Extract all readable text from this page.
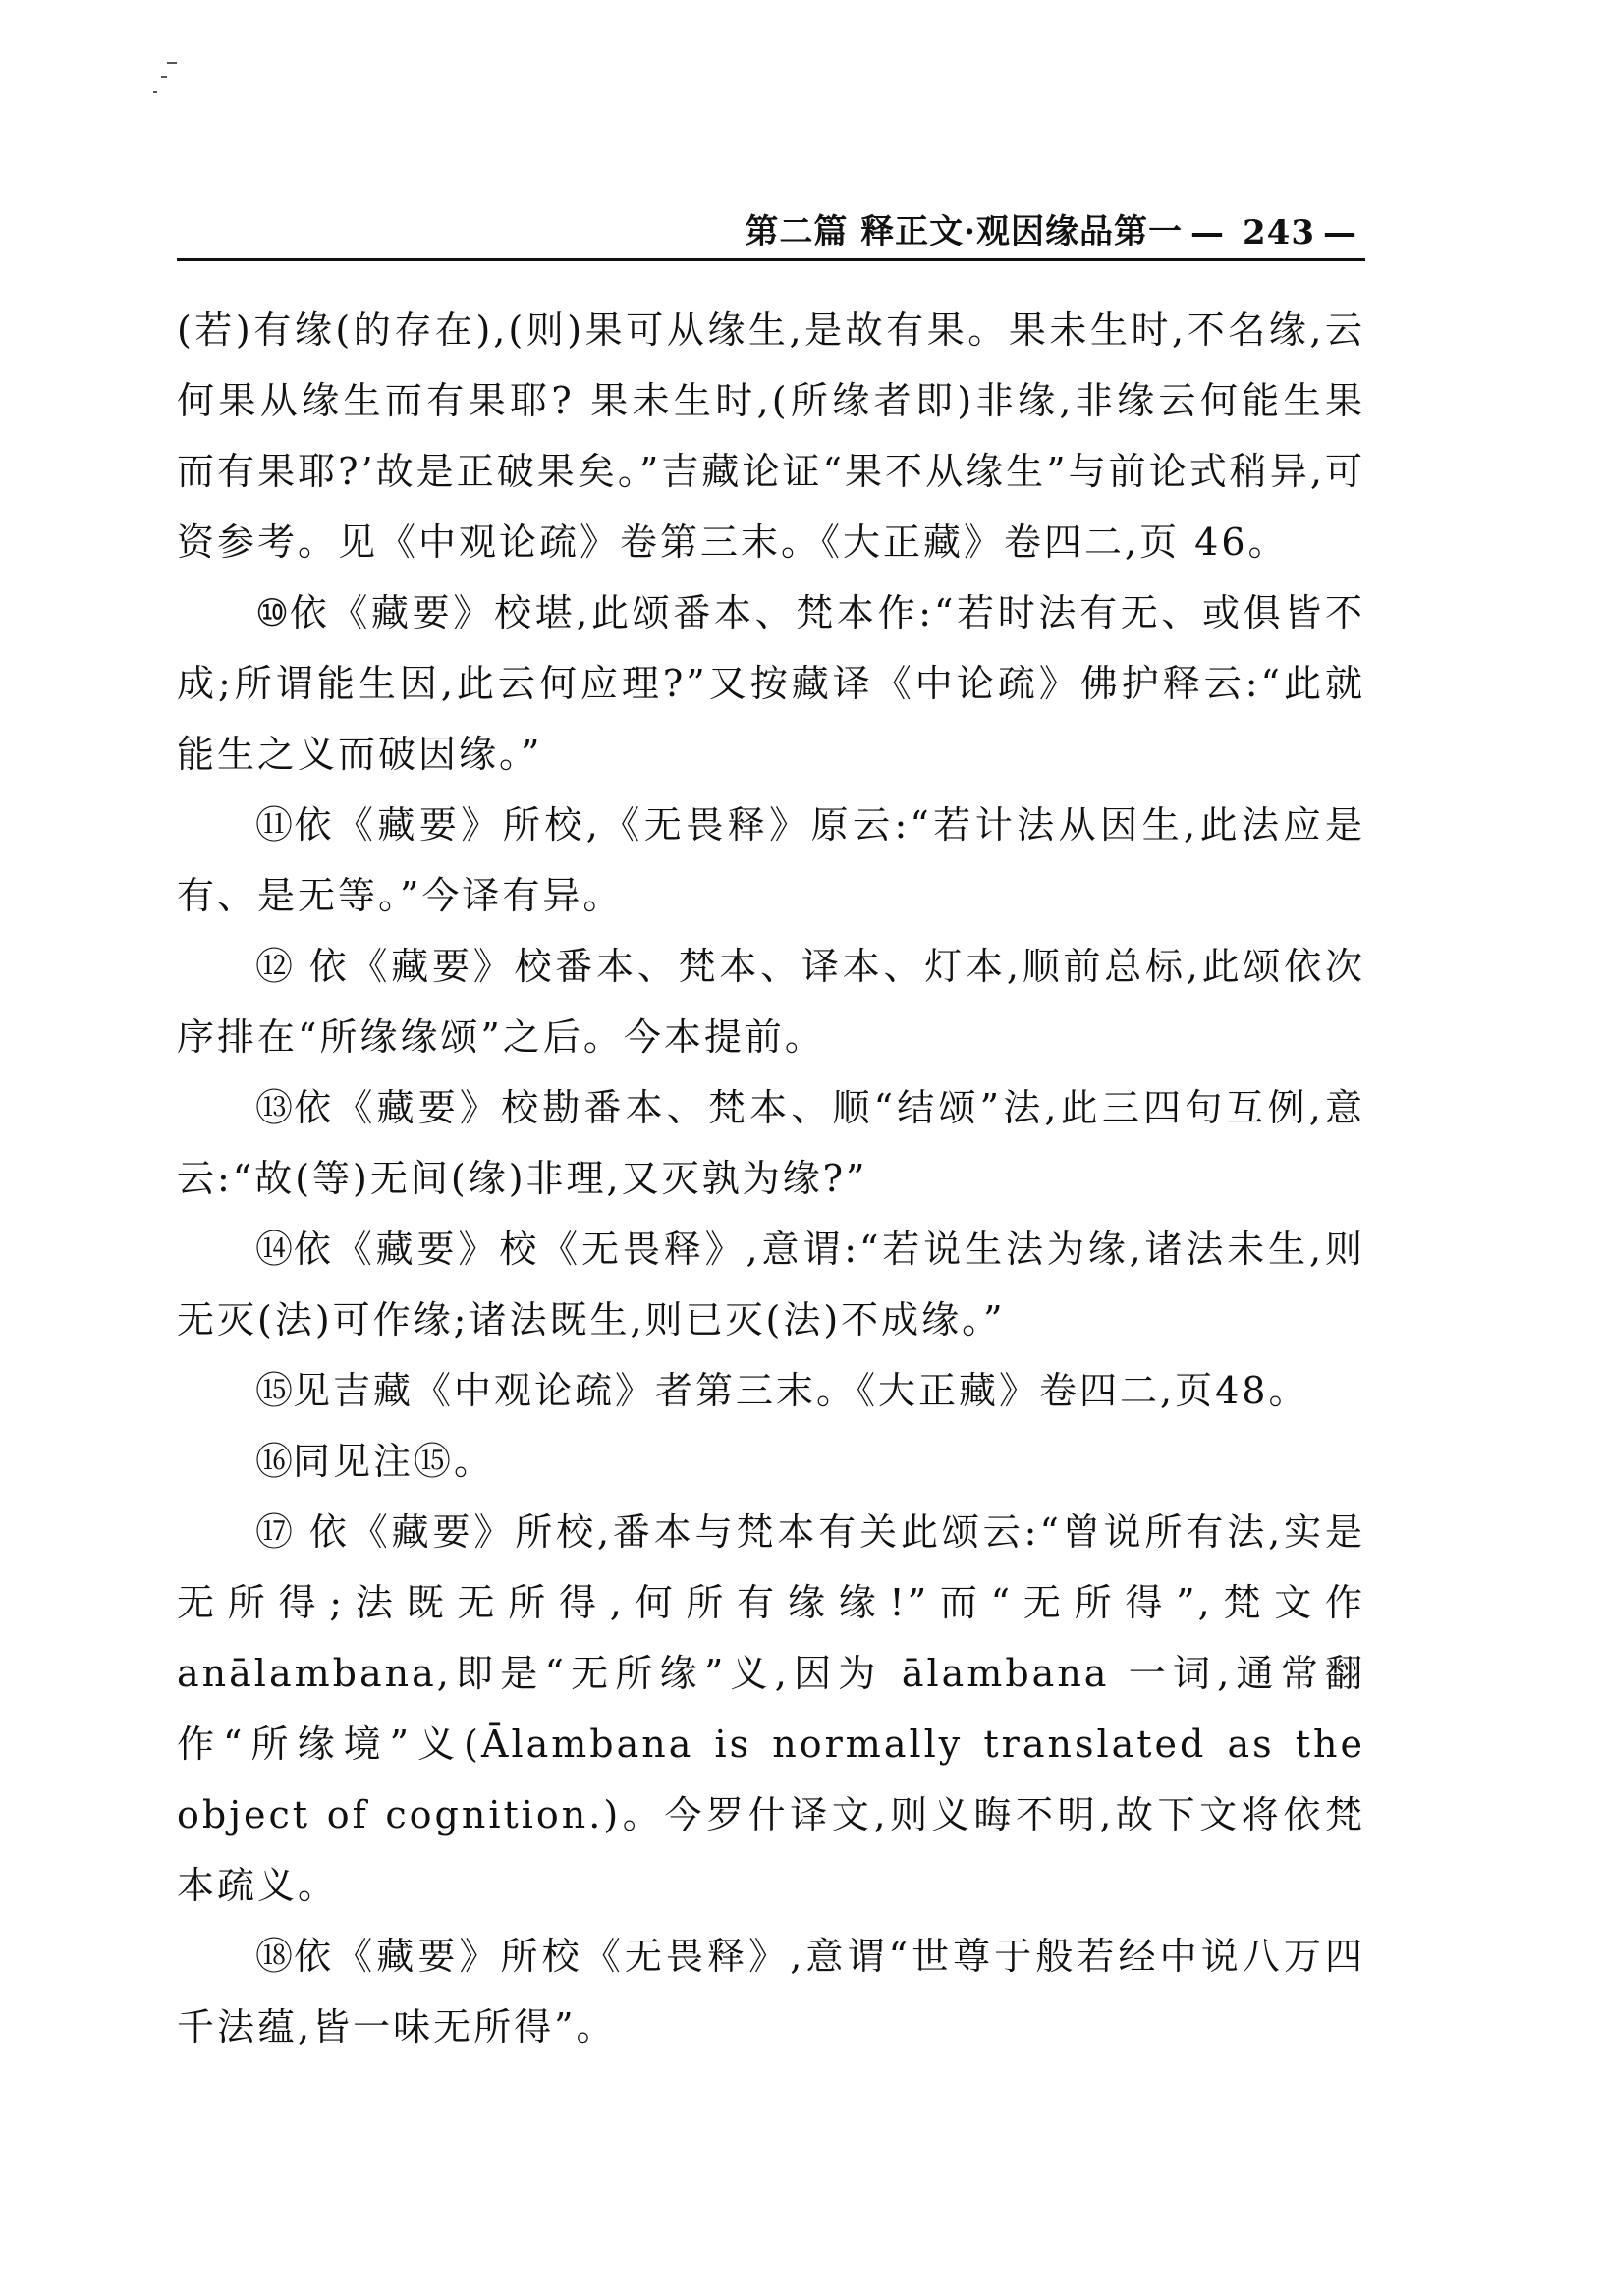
第二篇 释正文·观因缘品第一 — 243 —

(若)有缘(的存在),(则)果可从缘生,是故有果。果未生时,不名缘,云何果从缘生而有果耶? 果未生时,(所缘者即)非缘,非缘云何能生果而有果耶?’故是正破果矣。”吉藏论证“果不从缘生”与前论式稍异,可资参考。见《中观论疏》卷第三末。《大正藏》卷四二,页 46。

⑩依《藏要》校堪,此颂番本、梵本作:“若时法有无、或俱皆不成;所谓能生因,此云何应理?”又按藏译《中论疏》佛护释云:“此就能生之义而破因缘。”

⑪依《藏要》所校,《无畏释》原云:“若计法从因生,此法应是有、是无等。”今译有异。

⑫ 依《藏要》校番本、梵本、译本、灯本,顺前总标,此颂依次序排在“所缘缘颂”之后。今本提前。

⑬依《藏要》校勘番本、梵本、顺“结颂”法,此三四句互例,意云:“故(等)无间(缘)非理,又灭孰为缘?”

⑭依《藏要》校《无畏释》,意谓:“若说生法为缘,诸法未生,则无灭(法)可作缘;诸法既生,则已灭(法)不成缘。”

⑮见吉藏《中观论疏》者第三末。《大正藏》卷四二,页48。

⑯同见注⑮。

⑰ 依《藏要》所校,番本与梵本有关此颂云:“曾说所有法,实是无所得;法既无所得,何所有缘缘!”而“无所得”,梵文作 anālambana,即是“无所缘”义,因为 ālambana 一词,通常翻作“所缘境”义(Ālambana is normally translated as the object of cognition.)。今罗什译文,则义晦不明,故下文将依梵本疏义。

⑱依《藏要》所校《无畏释》,意谓“世尊于般若经中说八万四千法蕴,皆一味无所得”。
